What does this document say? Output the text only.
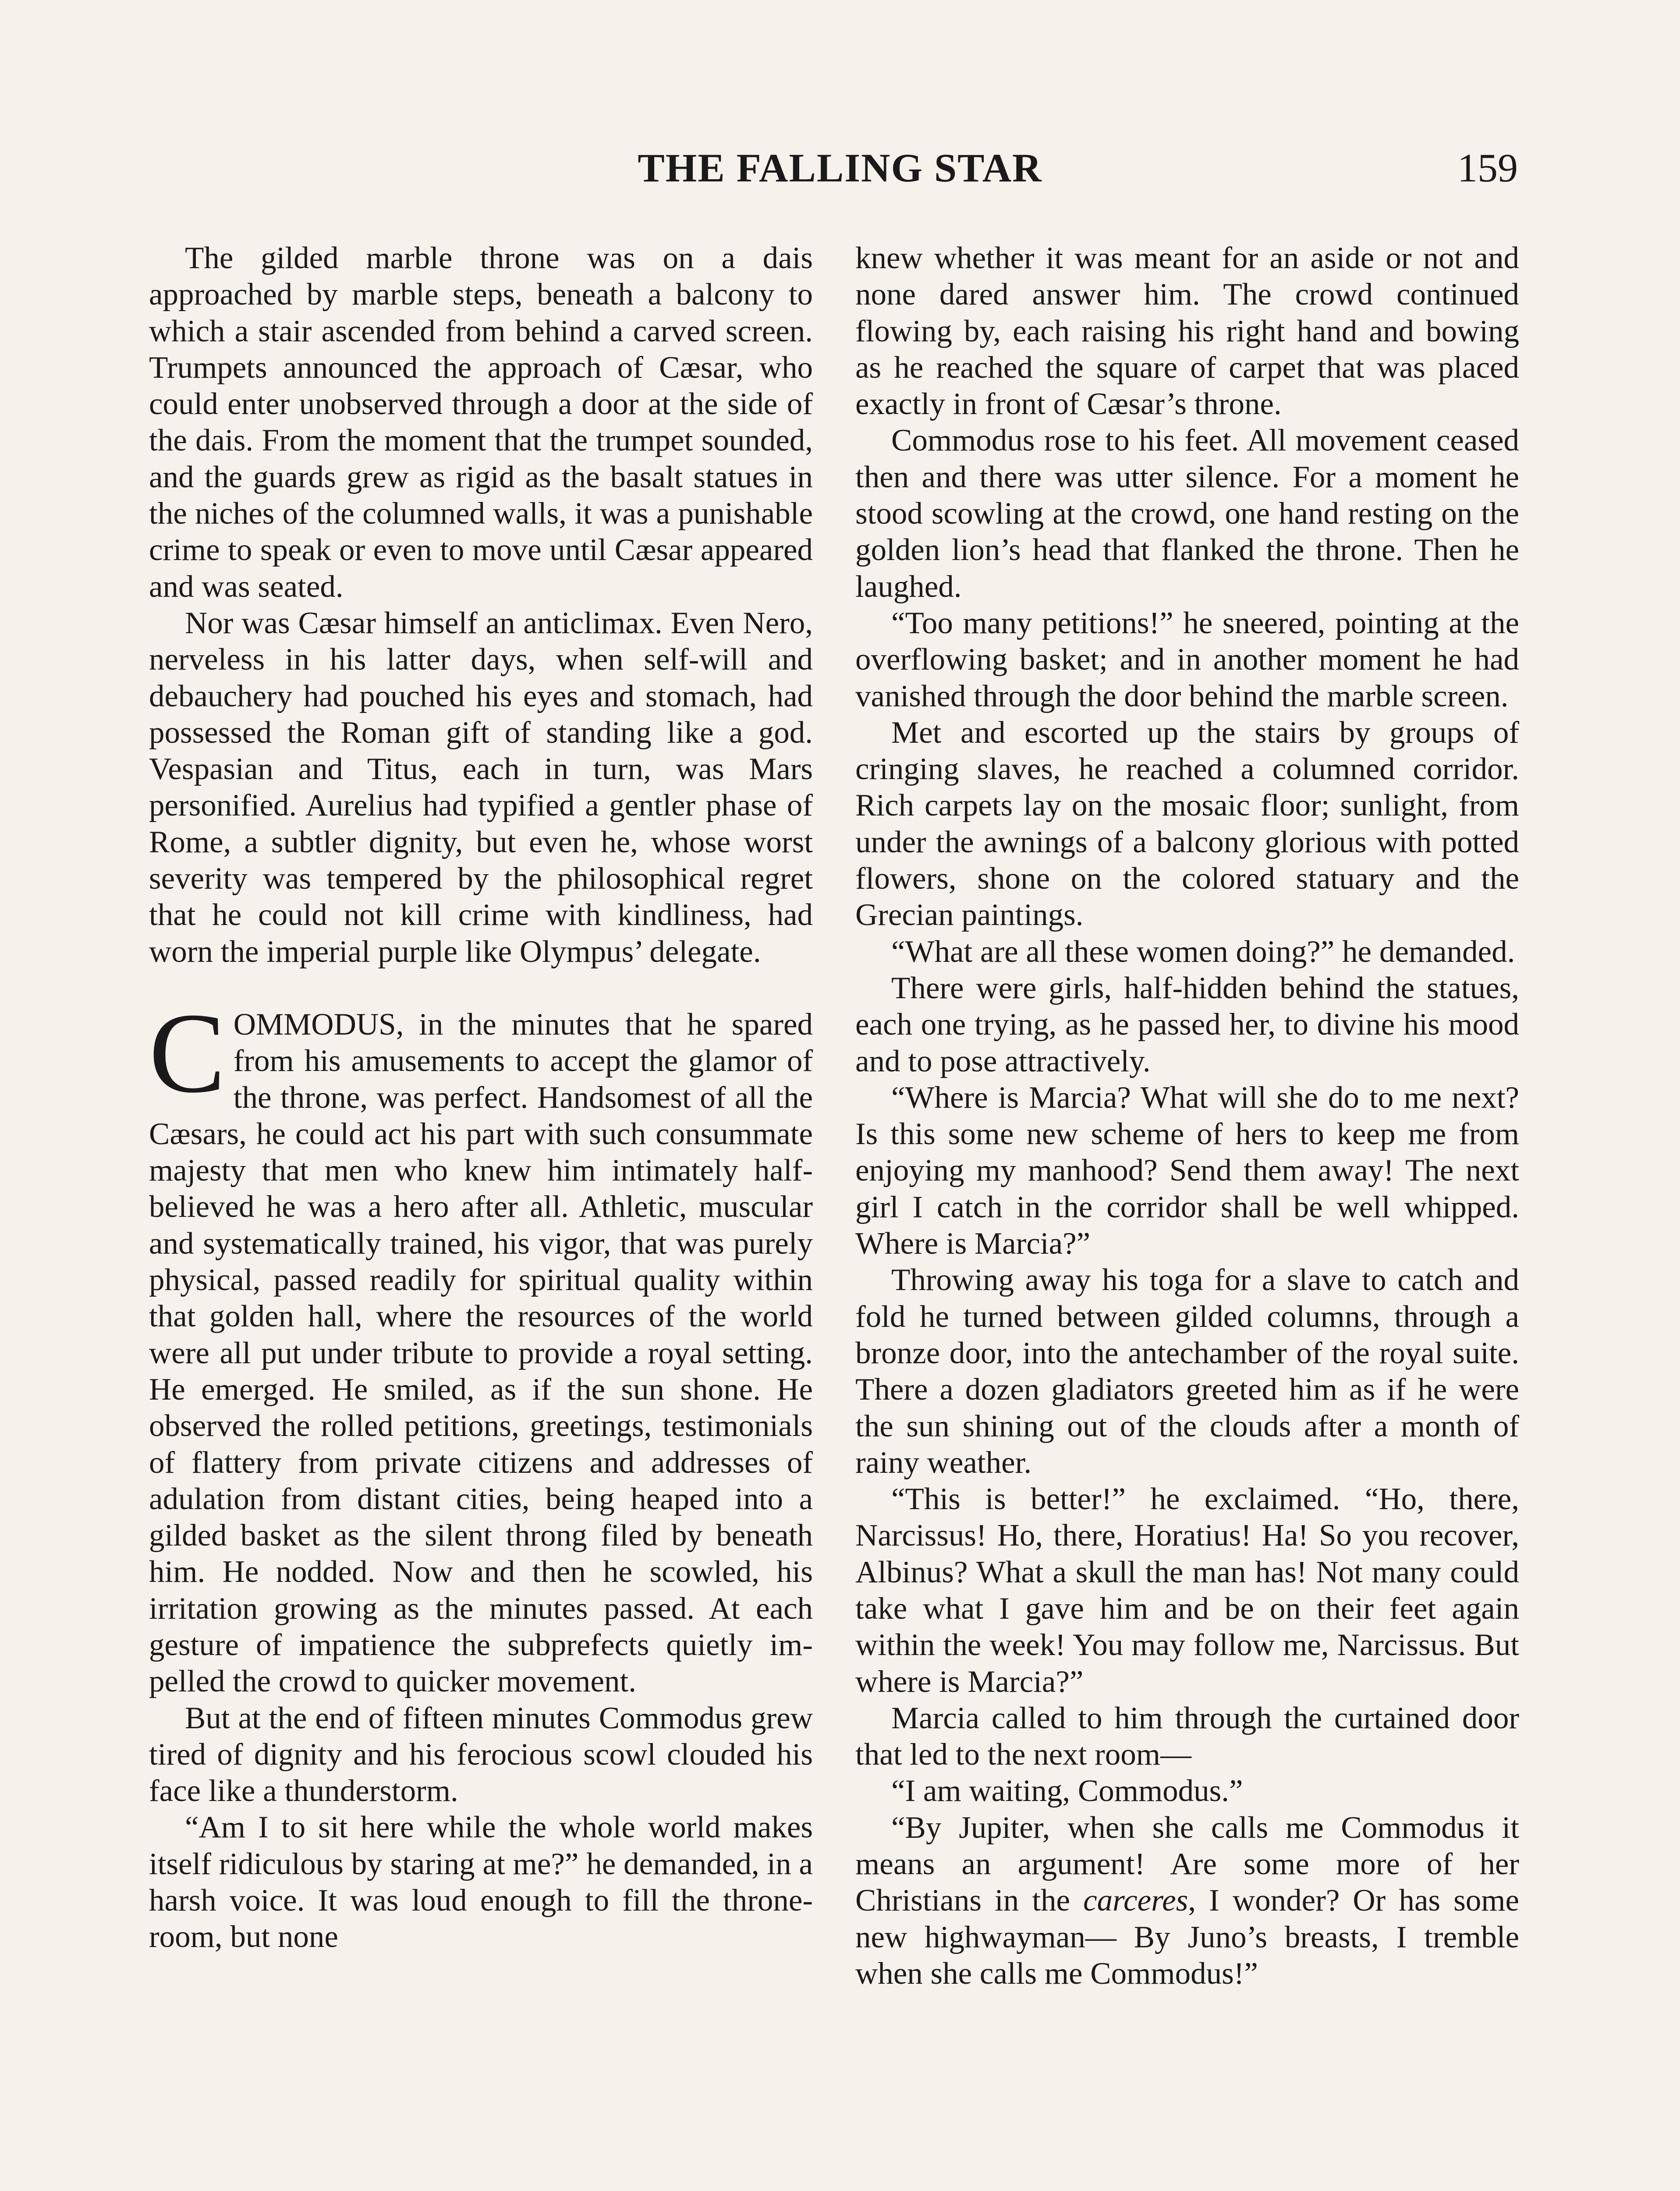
THE FALLING STAR	159

The gilded marble throne was on a dais approached by marble steps, beneath a balcony to which a stair ascended from behind a carved screen. Trumpets announced the approach of Cæsar, who could enter unobserved through a door at the side of the dais. From the moment that the trumpet sounded, and the guards grew as rigid as the basalt statues in the niches of the columned walls, it was a punishable crime to speak or even to move until Cæsar appeared and was seated.

Nor was Cæsar himself an anticlimax. Even Nero, nerveless in his latter days, when self-will and debauchery had pouched his eyes and stomach, had possessed the Roman gift of standing like a god. Vespasian and Titus, each in turn, was Mars personified. Aurelius had typified a gentler phase of Rome, a subtler dignity, but even he, whose worst severity was tempered by the philosophical regret that he could not kill crime with kindliness, had worn the imperial purple like Olympus’ delegate.

COMMODUS, in the minutes that he spared from his amusements to accept the glamor of the throne, was perfect. Handsomest of all the Cæsars, he could act his part with such consummate majesty that men who knew him intimately half-believed he was a hero after all. Athletic, muscular and systematically trained, his vigor, that was purely physical, passed readily for spiritual quality within that golden hall, where the resources of the world were all put under tribute to provide a royal setting. He emerged. He smiled, as if the sun shone. He observed the rolled petitions, greetings, testimonials of flattery from private citizens and addresses of adulation from distant cities, being heaped into a gilded basket as the silent throng filed by beneath him. He nodded. Now and then he scowled, his irritation growing as the minutes passed. At each gesture of impatience the subprefects quietly impelled the crowd to quicker movement.

But at the end of fifteen minutes Commodus grew tired of dignity and his ferocious scowl clouded his face like a thunderstorm.

“Am I to sit here while the whole world makes itself ridiculous by staring at me?” he demanded, in a harsh voice. It was loud enough to fill the throne-room, but none

knew whether it was meant for an aside or not and none dared answer him. The crowd continued flowing by, each raising his right hand and bowing as he reached the square of carpet that was placed exactly in front of Cæsar’s throne.

Commodus rose to his feet. All movement ceased then and there was utter silence. For a moment he stood scowling at the crowd, one hand resting on the golden lion’s head that flanked the throne. Then he laughed.

“Too many petitions!” he sneered, pointing at the overflowing basket; and in another moment he had vanished through the door behind the marble screen.

Met and escorted up the stairs by groups of cringing slaves, he reached a columned corridor. Rich carpets lay on the mosaic floor; sunlight, from under the awnings of a balcony glorious with potted flowers, shone on the colored statuary and the Grecian paintings.

“What are all these women doing?” he demanded.

There were girls, half-hidden behind the statues, each one trying, as he passed her, to divine his mood and to pose attractively.

“Where is Marcia? What will she do to me next? Is this some new scheme of hers to keep me from enjoying my manhood? Send them away! The next girl I catch in the corridor shall be well whipped. Where is Marcia?”

Throwing away his toga for a slave to catch and fold he turned between gilded columns, through a bronze door, into the antechamber of the royal suite. There a dozen gladiators greeted him as if he were the sun shining out of the clouds after a month of rainy weather.

“This is better!” he exclaimed. “Ho, there, Narcissus! Ho, there, Horatius! Ha! So you recover, Albinus? What a skull the man has! Not many could take what I gave him and be on their feet again within the week! You may follow me, Narcissus. But where is Marcia?”

Marcia called to him through the curtained door that led to the next room—

“I am waiting, Commodus.”

“By Jupiter, when she calls me Commodus it means an argument! Are some more of her Christians in the carceres, I wonder? Or has some new highwayman— By Juno’s breasts, I tremble when she calls me Commodus!”
